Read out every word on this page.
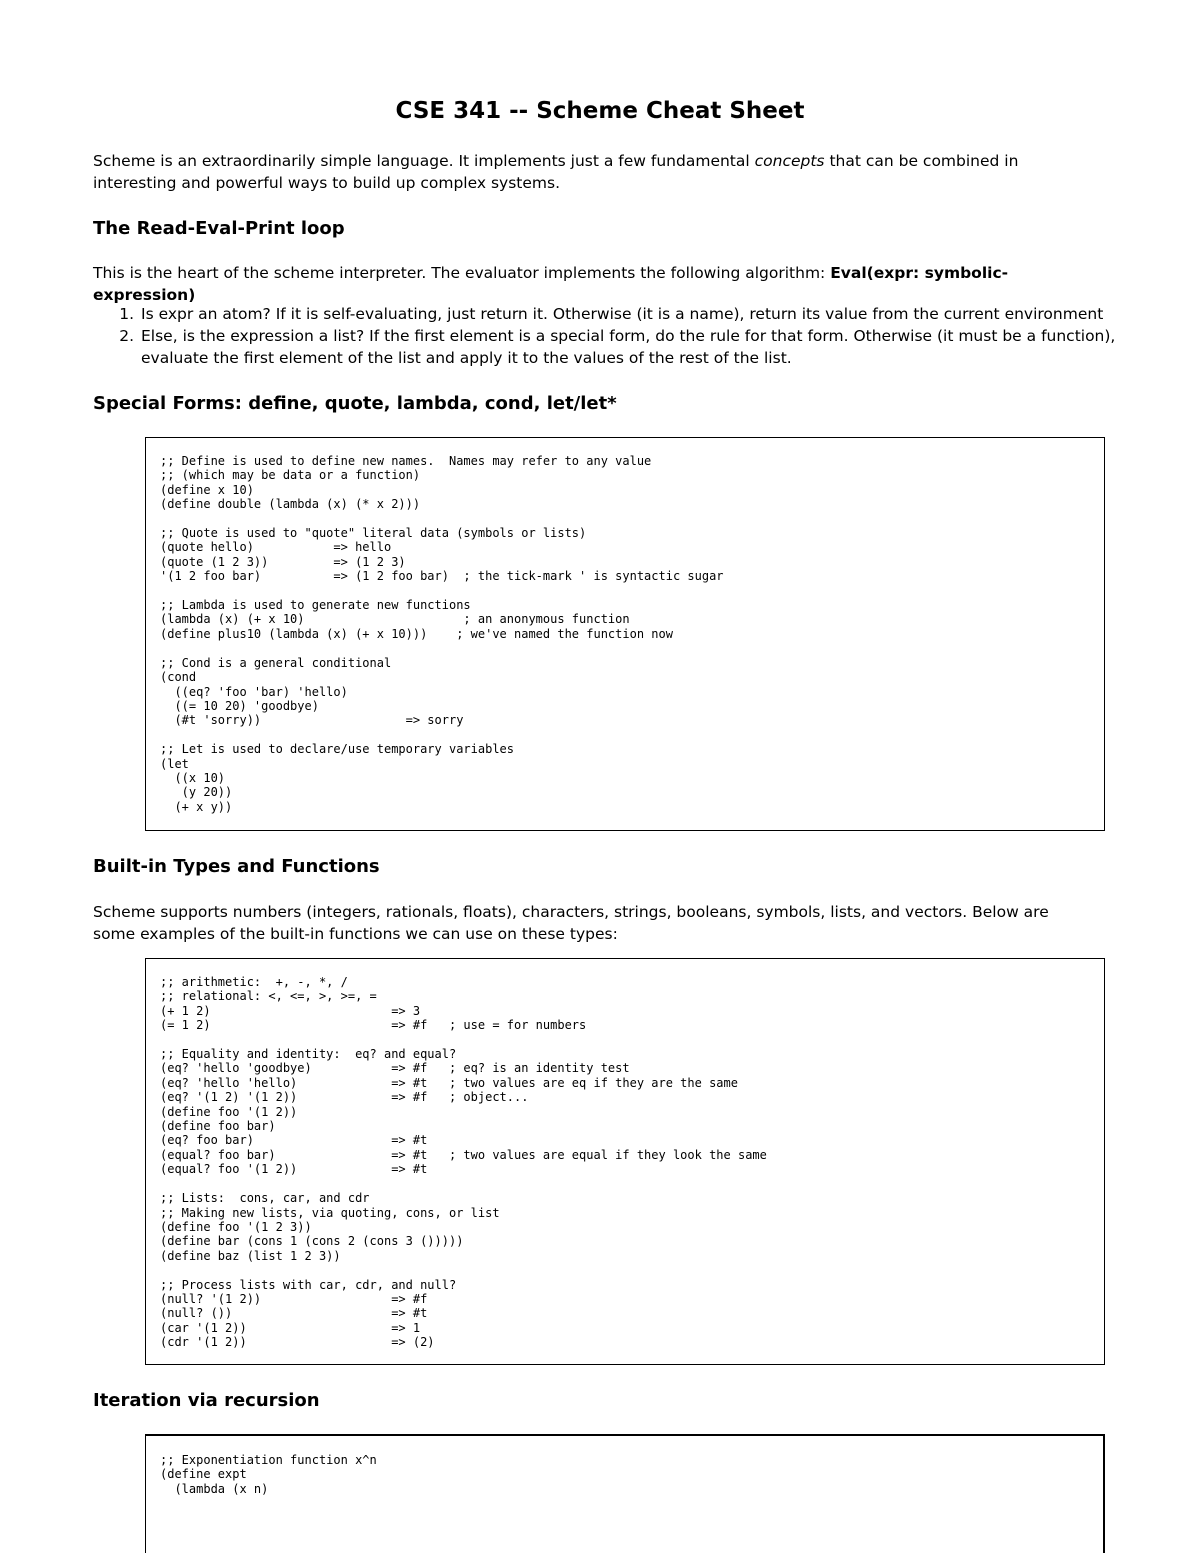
CSE 341 -- Scheme Cheat Sheet

Scheme is an extraordinarily simple language. It implements just a few fundamental concepts that can be combined in interesting and powerful ways to build up complex systems.

The Read-Eval-Print loop

This is the heart of the scheme interpreter. The evaluator implements the following algorithm: Eval(expr: symbolic-expression)

1. Is expr an atom? If it is self-evaluating, just return it. Otherwise (it is a name), return its value from the current environment
2. Else, is the expression a list? If the first element is a special form, do the rule for that form. Otherwise (it must be a function), evaluate the first element of the list and apply it to the values of the rest of the list.
Special Forms: define, quote, lambda, cond, let/let*
;; Define is used to define new names.  Names may refer to any value
;; (which may be data or a function)
(define x 10)
(define double (lambda (x) (* x 2)))

;; Quote is used to "quote" literal data (symbols or lists)
(quote hello)           => hello
(quote (1 2 3))         => (1 2 3)
'(1 2 foo bar)          => (1 2 foo bar)  ; the tick-mark ' is syntactic sugar

;; Lambda is used to generate new functions
(lambda (x) (+ x 10)                      ; an anonymous function
(define plus10 (lambda (x) (+ x 10)))    ; we've named the function now

;; Cond is a general conditional
(cond
((eq? 'foo 'bar) 'hello)
((= 10 20) 'goodbye)
(#t 'sorry))                    => sorry

;; Let is used to declare/use temporary variables
(let
((x 10)
(y 20))
(+ x y))
Built-in Types and Functions

Scheme supports numbers (integers, rationals, floats), characters, strings, booleans, symbols, lists, and vectors. Below are some examples of the built-in functions we can use on these types:

;; arithmetic:  +, -, *, /
;; relational: <, <=, >, >=, =
(+ 1 2)                         => 3
(= 1 2)                         => #f   ; use = for numbers

;; Equality and identity:  eq? and equal?
(eq? 'hello 'goodbye)           => #f   ; eq? is an identity test
(eq? 'hello 'hello)             => #t   ; two values are eq if they are the same
(eq? '(1 2) '(1 2))             => #f   ; object...
(define foo '(1 2))
(define foo bar)
(eq? foo bar)                   => #t
(equal? foo bar)                => #t   ; two values are equal if they look the same
(equal? foo '(1 2))             => #t

;; Lists:  cons, car, and cdr
;; Making new lists, via quoting, cons, or list
(define foo '(1 2 3))
(define bar (cons 1 (cons 2 (cons 3 ()))))
(define baz (list 1 2 3))

;; Process lists with car, cdr, and null?
(null? '(1 2))                  => #f
(null? ())                      => #t
(car '(1 2))                    => 1
(cdr '(1 2))                    => (2)
Iteration via recursion
;; Exponentiation function x^n
(define expt
(lambda (x n)
